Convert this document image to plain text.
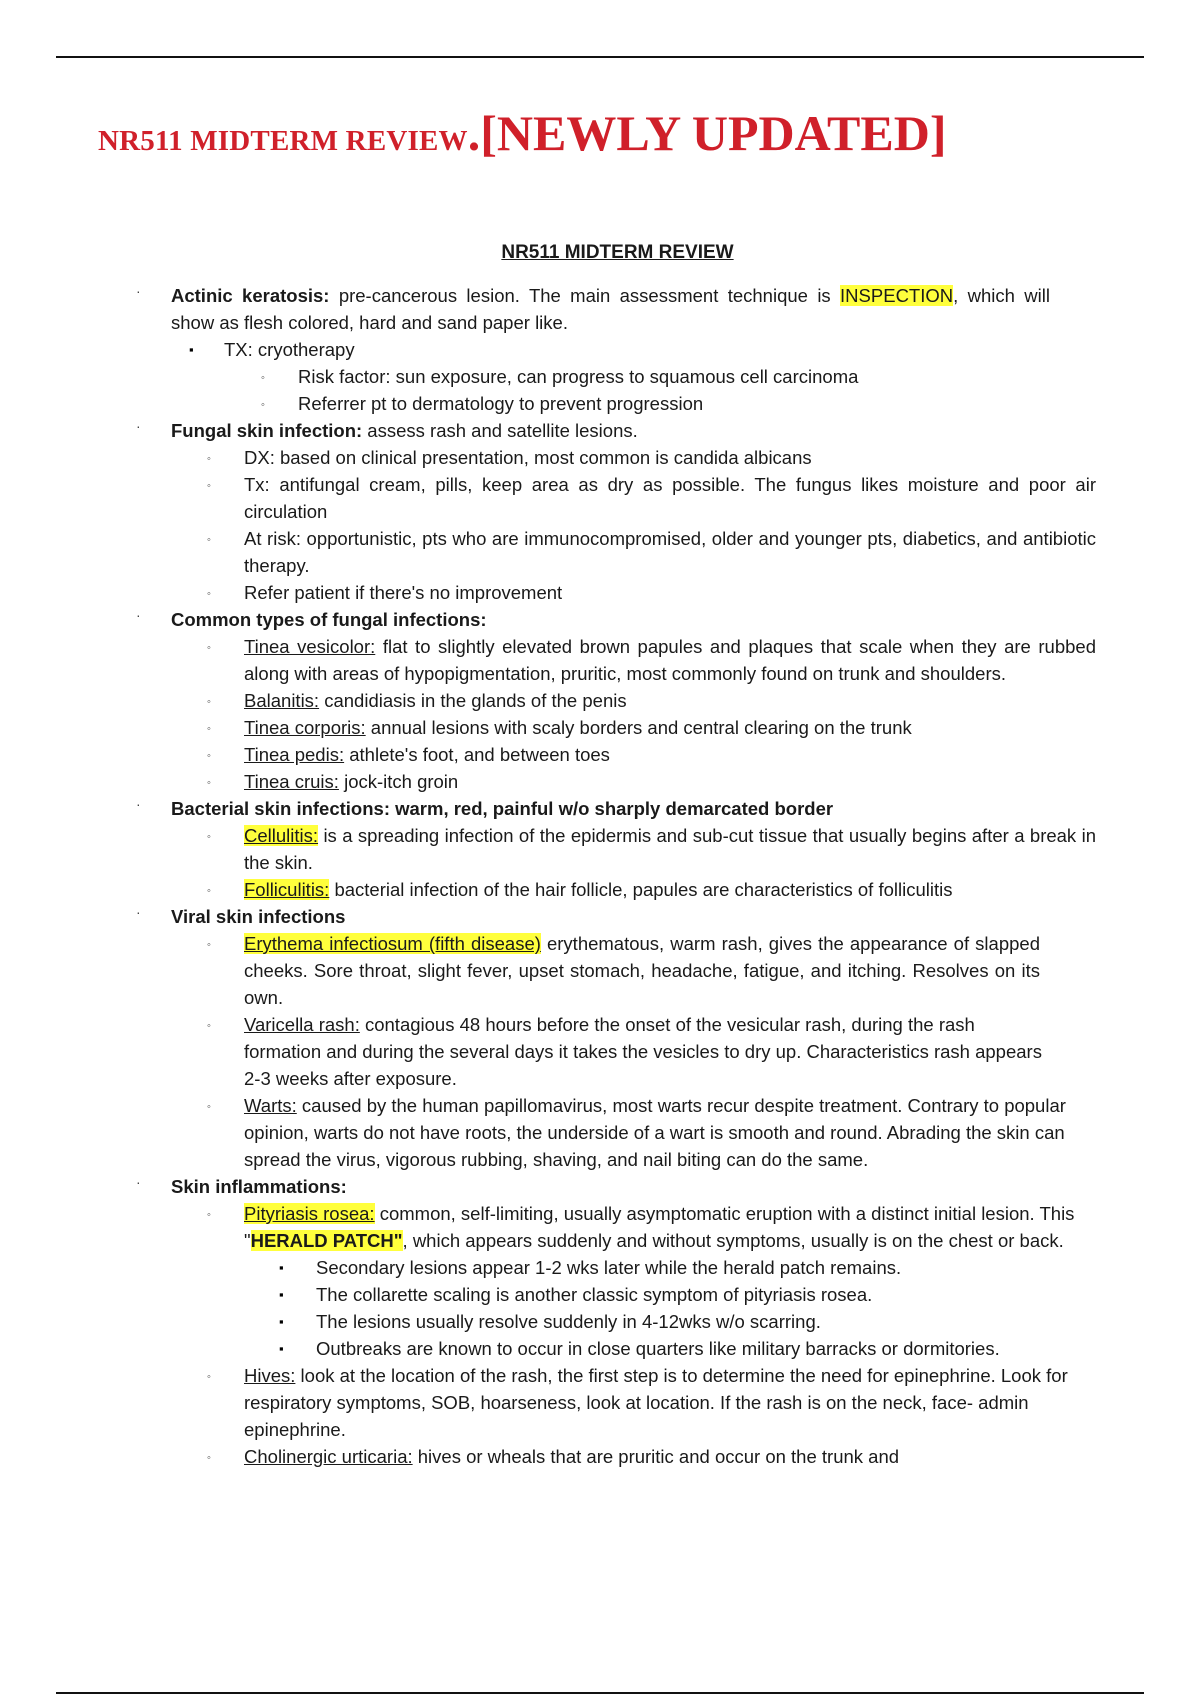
NR511 MIDTERM REVIEW.[NEWLY UPDATED]
NR511 MIDTERM REVIEW
· Actinic keratosis: pre-cancerous lesion. The main assessment technique is INSPECTION, which will show as flesh colored, hard and sand paper like.
▪ TX: cryotherapy
◦ Risk factor: sun exposure, can progress to squamous cell carcinoma
◦ Referrer pt to dermatology to prevent progression
· Fungal skin infection: assess rash and satellite lesions.
◦ DX: based on clinical presentation, most common is candida albicans
◦ Tx: antifungal cream, pills, keep area as dry as possible. The fungus likes moisture and poor air circulation
◦ At risk: opportunistic, pts who are immunocompromised, older and younger pts, diabetics, and antibiotic therapy.
◦ Refer patient if there's no improvement
· Common types of fungal infections:
◦ Tinea vesicolor: flat to slightly elevated brown papules and plaques that scale when they are rubbed along with areas of hypopigmentation, pruritic, most commonly found on trunk and shoulders.
◦ Balanitis: candidiasis in the glands of the penis
◦ Tinea corporis: annual lesions with scaly borders and central clearing on the trunk
◦ Tinea pedis: athlete's foot, and between toes
◦ Tinea cruis: jock-itch groin
· Bacterial skin infections: warm, red, painful w/o sharply demarcated border
◦ Cellulitis: is a spreading infection of the epidermis and sub-cut tissue that usually begins after a break in the skin.
◦ Folliculitis: bacterial infection of the hair follicle, papules are characteristics of folliculitis
· Viral skin infections
◦ Erythema infectiosum (fifth disease) erythematous, warm rash, gives the appearance of slapped cheeks. Sore throat, slight fever, upset stomach, headache, fatigue, and itching. Resolves on its own.
◦ Varicella rash: contagious 48 hours before the onset of the vesicular rash, during the rash formation and during the several days it takes the vesicles to dry up. Characteristics rash appears 2-3 weeks after exposure.
◦ Warts: caused by the human papillomavirus, most warts recur despite treatment. Contrary to popular opinion, warts do not have roots, the underside of a wart is smooth and round. Abrading the skin can spread the virus, vigorous rubbing, shaving, and nail biting can do the same.
· Skin inflammations:
◦ Pityriasis rosea: common, self-limiting, usually asymptomatic eruption with a distinct initial lesion. This "HERALD PATCH", which appears suddenly and without symptoms, usually is on the chest or back.
▪ Secondary lesions appear 1-2 wks later while the herald patch remains.
▪ The collarette scaling is another classic symptom of pityriasis rosea.
▪ The lesions usually resolve suddenly in 4-12wks w/o scarring.
▪ Outbreaks are known to occur in close quarters like military barracks or dormitories.
◦ Hives: look at the location of the rash, the first step is to determine the need for epinephrine. Look for respiratory symptoms, SOB, hoarseness, look at location. If the rash is on the neck, face- admin epinephrine.
◦ Cholinergic urticaria: hives or wheals that are pruritic and occur on the trunk and
